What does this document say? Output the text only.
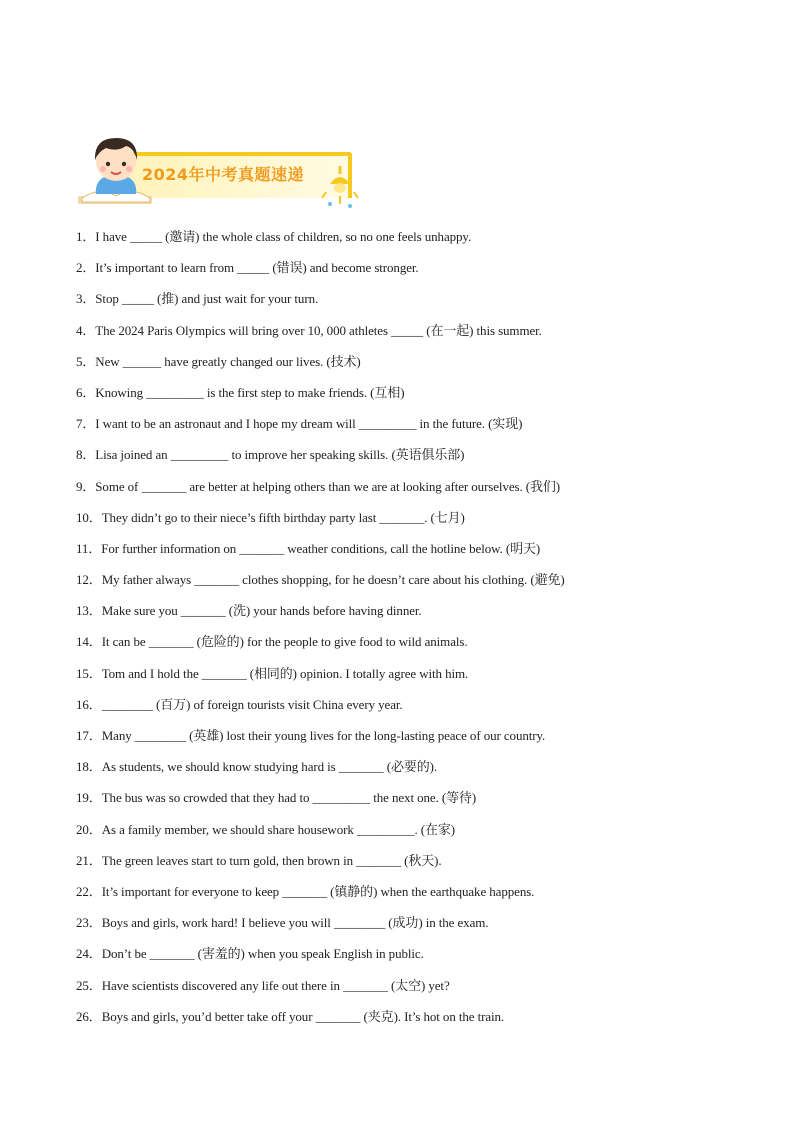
2024年中考真题速递
1．I have _____ (邀请) the whole class of children, so no one feels unhappy.
2．It’s important to learn from _____ (错误) and become stronger.
3．Stop _____ (推) and just wait for your turn.
4．The 2024 Paris Olympics will bring over 10, 000 athletes _____ (在一起) this summer.
5．New ______ have greatly changed our lives. (技术)
6．Knowing _________ is the first step to make friends. (互相)
7．I want to be an astronaut and I hope my dream will _________ in the future. (实现)
8．Lisa joined an _________ to improve her speaking skills. (英语俱乐部)
9．Some of _______ are better at helping others than we are at looking after ourselves. (我们)
10．They didn’t go to their niece’s fifth birthday party last _______. (七月)
11．For further information on _______ weather conditions, call the hotline below. (明天)
12．My father always _______ clothes shopping, for he doesn’t care about his clothing. (避免)
13．Make sure you _______ (洗) your hands before having dinner.
14．It can be _______ (危险的) for the people to give food to wild animals.
15．Tom and I hold the _______ (相同的) opinion. I totally agree with him.
16．________ (百万) of foreign tourists visit China every year.
17．Many ________ (英雄) lost their young lives for the long-lasting peace of our country.
18．As students, we should know studying hard is _______ (必要的).
19．The bus was so crowded that they had to _________ the next one. (等待)
20．As a family member, we should share housework _________. (在家)
21．The green leaves start to turn gold, then brown in _______ (秋天).
22．It’s important for everyone to keep _______ (镇静的) when the earthquake happens.
23．Boys and girls, work hard! I believe you will ________ (成功) in the exam.
24．Don’t be _______ (害羞的) when you speak English in public.
25．Have scientists discovered any life out there in _______ (太空) yet?
26．Boys and girls, you’d better take off your _______ (夹克). It’s hot on the train.
